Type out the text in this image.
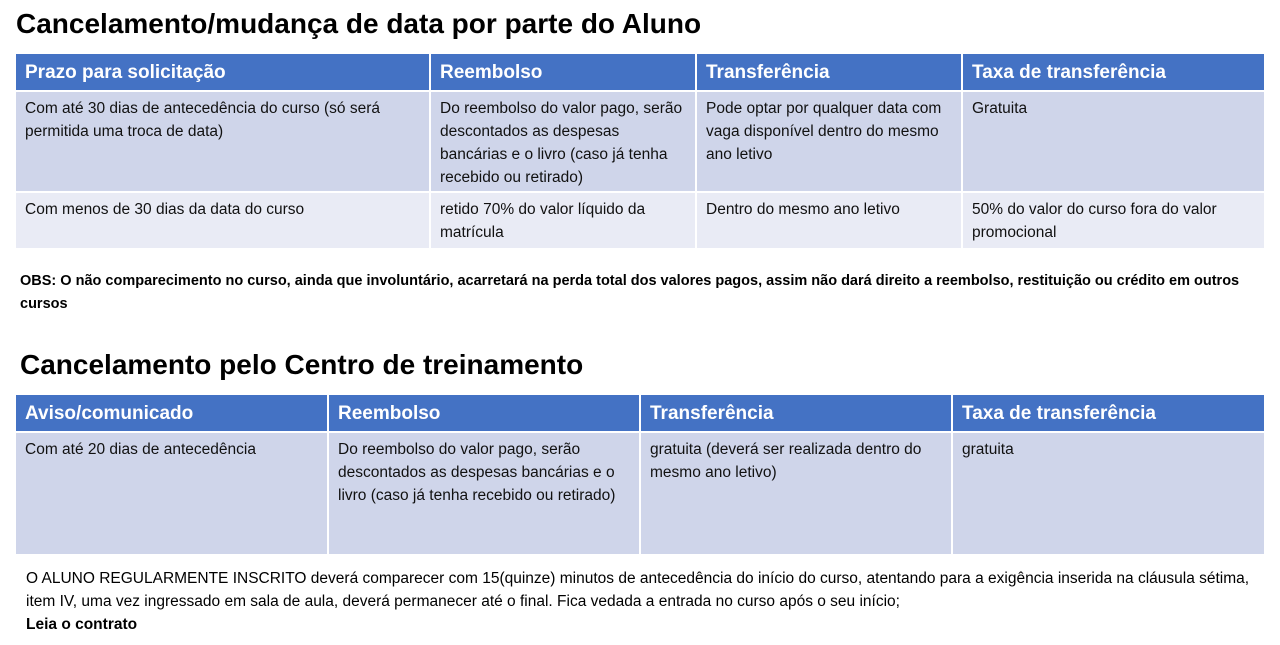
Cancelamento/mudança de data por parte do Aluno
Prazo para solicitação	Reembolso	Transferência	Taxa de transferência
Com até 30 dias de antecedência do curso (só será permitida uma troca de data)	Do reembolso do valor pago, serão descontados as despesas bancárias e o livro (caso já tenha recebido ou retirado)	Pode optar por qualquer data com vaga disponível dentro do mesmo ano letivo	Gratuita
Com menos de 30 dias da data do curso	retido 70% do valor líquido da matrícula	Dentro do mesmo ano letivo	50% do valor do curso fora do valor promocional

OBS: O não comparecimento no curso, ainda que involuntário, acarretará na perda total dos valores pagos, assim não dará direito a reembolso, restituição ou crédito em outros cursos

Cancelamento pelo Centro de treinamento
Aviso/comunicado	Reembolso	Transferência	Taxa de transferência
Com até 20 dias de antecedência	Do reembolso do valor pago, serão descontados as despesas bancárias e o livro (caso já tenha recebido ou retirado)	gratuita (deverá ser realizada dentro do mesmo ano letivo)	gratuita

O ALUNO REGULARMENTE INSCRITO deverá comparecer com 15(quinze) minutos de antecedência do início do curso, atentando para a exigência inserida na cláusula sétima, item IV, uma vez ingressado em sala de aula, deverá permanecer até o final. Fica vedada a entrada no curso após o seu início;
Leia o contrato
